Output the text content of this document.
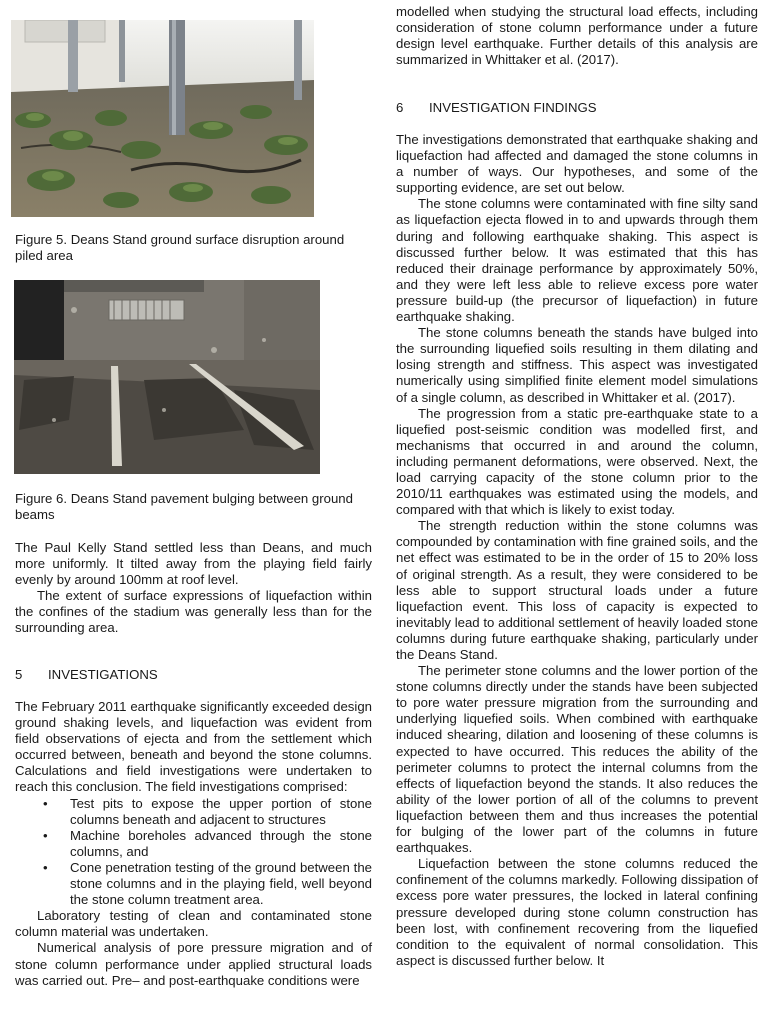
Figure 5. Deans Stand ground surface disruption around piled area

Figure 6. Deans Stand pavement bulging between ground beams

The Paul Kelly Stand settled less than Deans, and much more uniformly. It tilted away from the playing field fairly evenly by around 100mm at roof level.

The extent of surface expressions of liquefaction within the confines of the stadium was generally less than for the surrounding area.

5 INVESTIGATIONS

The February 2011 earthquake significantly exceeded design ground shaking levels, and liquefaction was evident from field observations of ejecta and from the settlement which occurred between, beneath and beyond the stone columns. Calculations and field investigations were undertaken to reach this conclusion. The field investigations comprised:

• Test pits to expose the upper portion of stone columns beneath and adjacent to structures
• Machine boreholes advanced through the stone columns, and
• Cone penetration testing of the ground between the stone columns and in the playing field, well beyond the stone column treatment area.

Laboratory testing of clean and contaminated stone column material was undertaken.

Numerical analysis of pore pressure migration and of stone column performance under applied structural loads was carried out. Pre– and post-earthquake conditions were

modelled when studying the structural load effects, including consideration of stone column performance under a future design level earthquake. Further details of this analysis are summarized in Whittaker et al. (2017).

6 INVESTIGATION FINDINGS

The investigations demonstrated that earthquake shaking and liquefaction had affected and damaged the stone columns in a number of ways. Our hypotheses, and some of the supporting evidence, are set out below.

The stone columns were contaminated with fine silty sand as liquefaction ejecta flowed in to and upwards through them during and following earthquake shaking. This aspect is discussed further below. It was estimated that this has reduced their drainage performance by approximately 50%, and they were left less able to relieve excess pore water pressure build-up (the precursor of liquefaction) in future earthquake shaking.

The stone columns beneath the stands have bulged into the surrounding liquefied soils resulting in them dilating and losing strength and stiffness. This aspect was investigated numerically using simplified finite element model simulations of a single column, as described in Whittaker et al. (2017).

The progression from a static pre-earthquake state to a liquefied post-seismic condition was modelled first, and mechanisms that occurred in and around the column, including permanent deformations, were observed. Next, the load carrying capacity of the stone column prior to the 2010/11 earthquakes was estimated using the models, and compared with that which is likely to exist today.

The strength reduction within the stone columns was compounded by contamination with fine grained soils, and the net effect was estimated to be in the order of 15 to 20% loss of original strength. As a result, they were considered to be less able to support structural loads under a future liquefaction event. This loss of capacity is expected to inevitably lead to additional settlement of heavily loaded stone columns during future earthquake shaking, particularly under the Deans Stand.

The perimeter stone columns and the lower portion of the stone columns directly under the stands have been subjected to pore water pressure migration from the surrounding and underlying liquefied soils. When combined with earthquake induced shearing, dilation and loosening of these columns is expected to have occurred. This reduces the ability of the perimeter columns to protect the internal columns from the effects of liquefaction beyond the stands. It also reduces the ability of the lower portion of all of the columns to prevent liquefaction between them and thus increases the potential for bulging of the lower part of the columns in future earthquakes.

Liquefaction between the stone columns reduced the confinement of the columns markedly. Following dissipation of excess pore water pressures, the locked in lateral confining pressure developed during stone column construction has been lost, with confinement recovering from the liquefied condition to the equivalent of normal consolidation. This aspect is discussed further below. It
